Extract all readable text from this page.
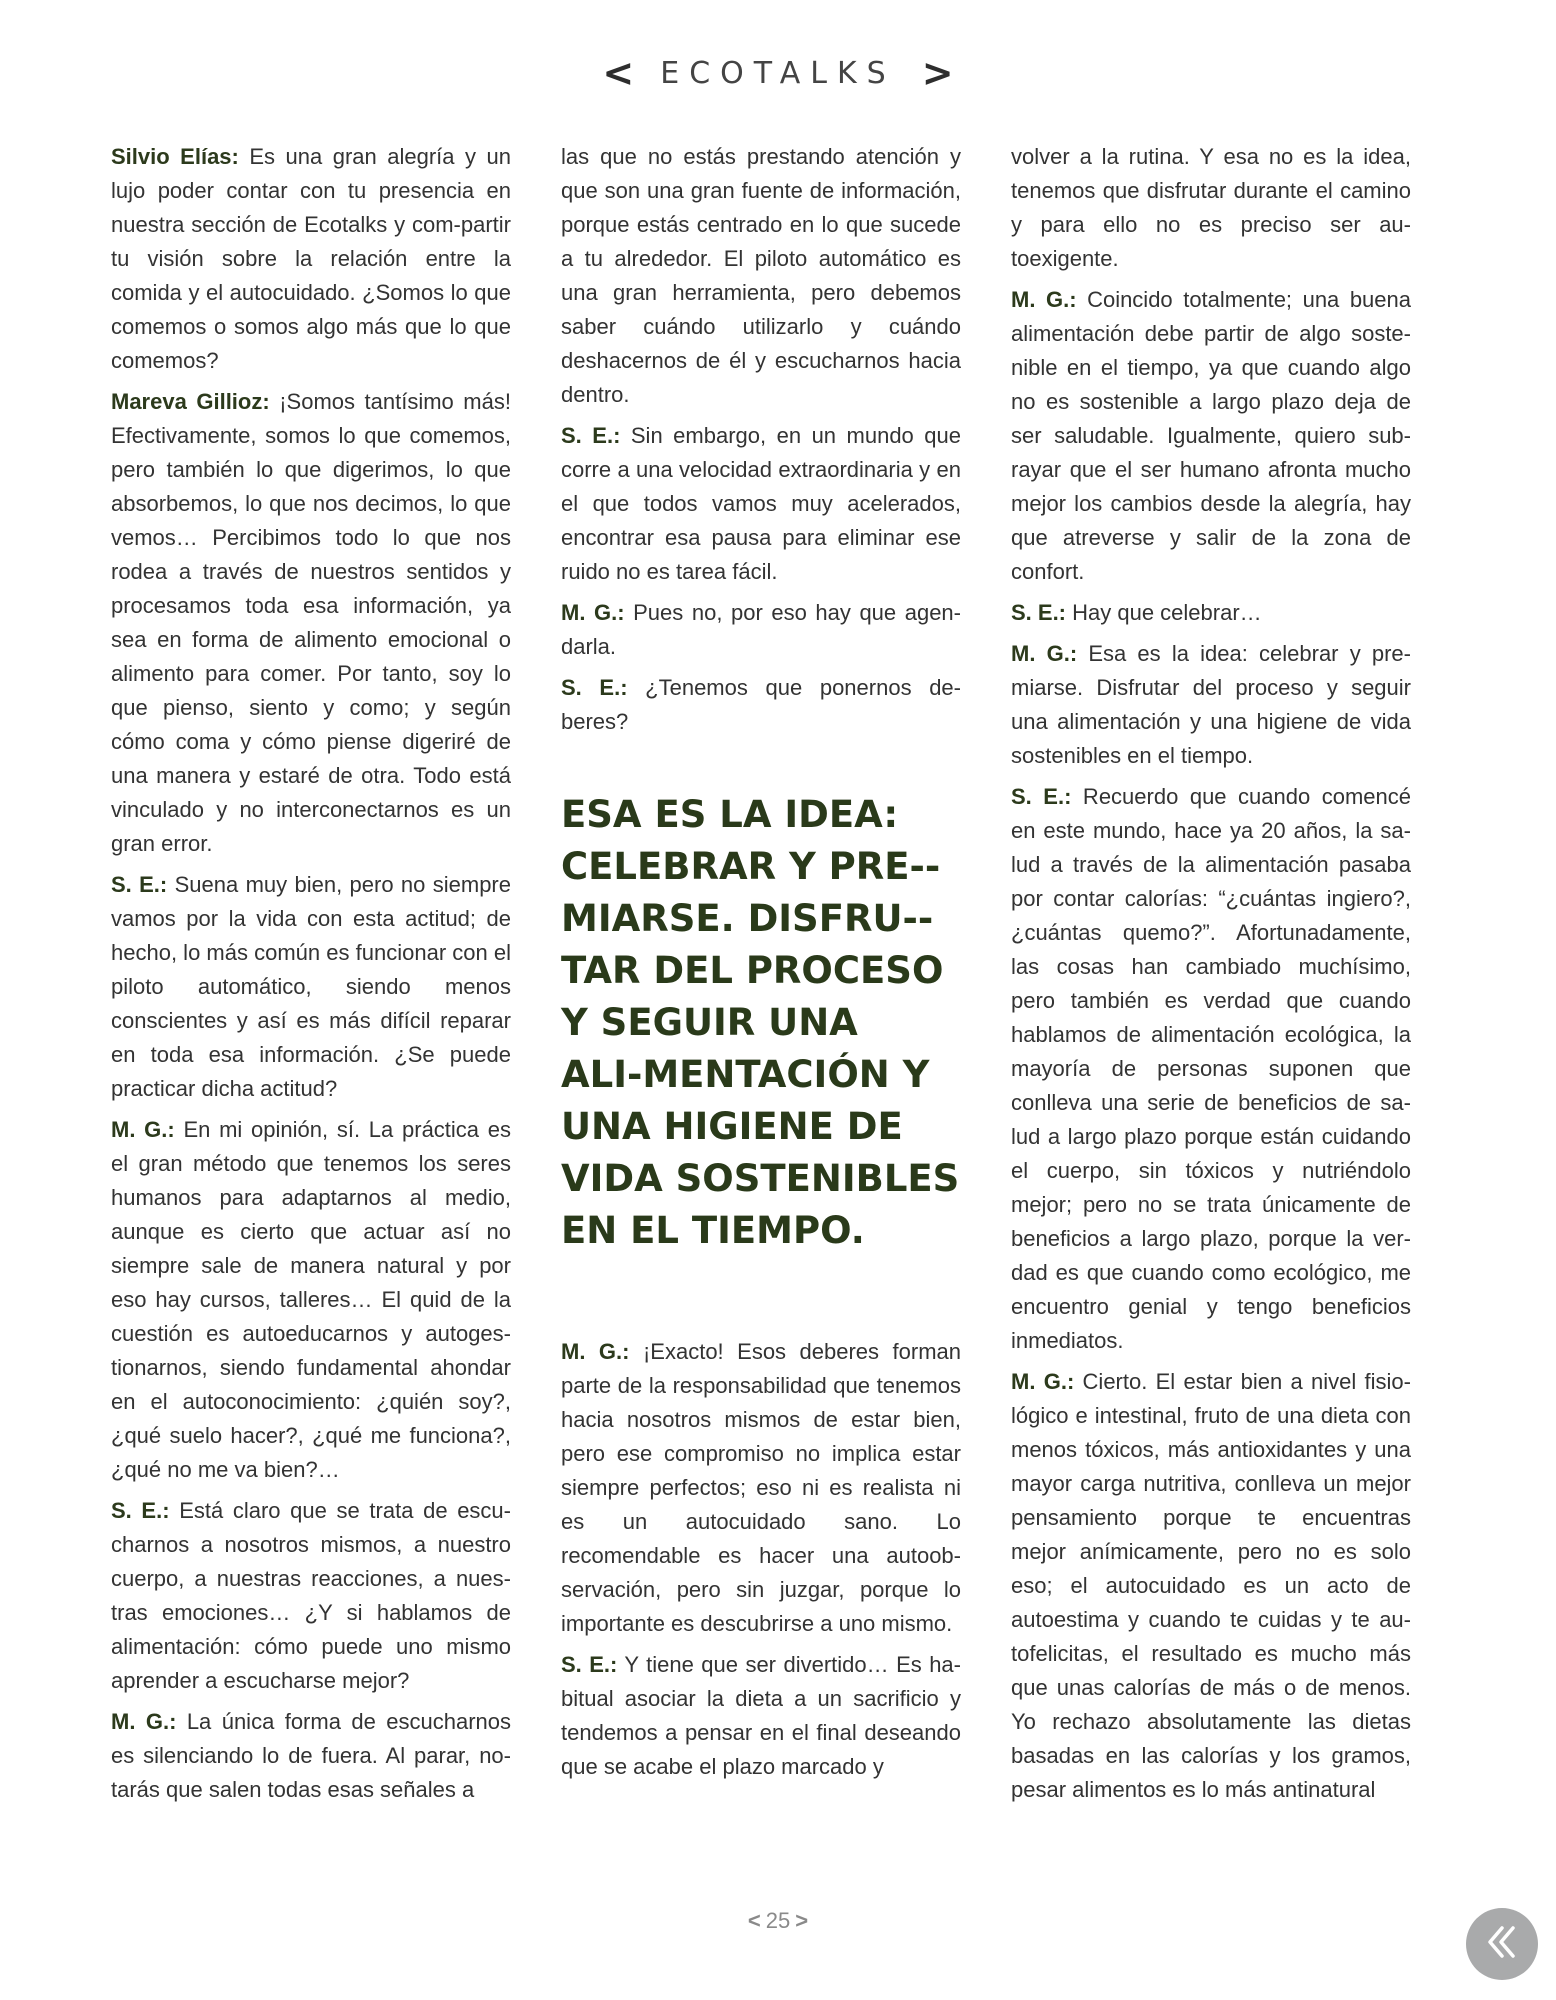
< ECOTALKS >

Silvio Elías: Es una gran alegría y un lujo poder contar con tu presencia en nuestra sección de Ecotalks y com-partir tu visión sobre la relación entre la comida y el autocuidado. ¿Somos lo que comemos o somos algo más que lo que comemos?

Mareva Gillioz: ¡Somos tantísimo más! Efectivamente, somos lo que comemos, pero también lo que digerimos, lo que absorbemos, lo que nos decimos, lo que vemos… Percibimos todo lo que nos rodea a través de nuestros sentidos y procesamos toda esa información, ya sea en forma de alimento emocional o alimento para comer. Por tanto, soy lo que pienso, siento y como; y según cómo coma y cómo piense digeriré de una manera y estaré de otra. Todo está vinculado y no interconectarnos es un gran error.

S. E.: Suena muy bien, pero no siempre vamos por la vida con esta actitud; de hecho, lo más común es funcionar con el piloto automático, siendo menos conscientes y así es más difícil reparar en toda esa información. ¿Se puede practicar dicha actitud?

M. G.: En mi opinión, sí. La práctica es el gran método que tenemos los seres humanos para adaptarnos al medio, aunque es cierto que actuar así no siempre sale de manera natural y por eso hay cursos, talleres… El quid de la cuestión es autoeducarnos y autogestionarnos, siendo fundamental ahondar en el autoconocimiento: ¿quién soy?, ¿qué suelo hacer?, ¿qué me funciona?, ¿qué no me va bien?…

S. E.: Está claro que se trata de escucharnos a nosotros mismos, a nuestro cuerpo, a nuestras reacciones, a nuestras emociones… ¿Y si hablamos de alimentación: cómo puede uno mismo aprender a escucharse mejor?

M. G.: La única forma de escucharnos es silenciando lo de fuera. Al parar, notarás que salen todas esas señales a

las que no estás prestando atención y que son una gran fuente de información, porque estás centrado en lo que sucede a tu alrededor. El piloto automático es una gran herramienta, pero debemos saber cuándo utilizarlo y cuándo deshacernos de él y escucharnos hacia dentro.

S. E.: Sin embargo, en un mundo que corre a una velocidad extraordinaria y en el que todos vamos muy acelerados, encontrar esa pausa para eliminar ese ruido no es tarea fácil.

M. G.: Pues no, por eso hay que agendarla.

S. E.: ¿Tenemos que ponernos deberes?

ESA ES LA IDEA: CELEBRAR Y PRE-MIARSE. DISFRU-TAR DEL PROCESO Y SEGUIR UNA ALI-MENTACIÓN Y UNA HIGIENE DE VIDA SOSTENIBLES EN EL TIEMPO.

M. G.: ¡Exacto! Esos deberes forman parte de la responsabilidad que tenemos hacia nosotros mismos de estar bien, pero ese compromiso no implica estar siempre perfectos; eso ni es realista ni es un autocuidado sano. Lo recomendable es hacer una autoobservación, pero sin juzgar, porque lo importante es descubrirse a uno mismo.

S. E.: Y tiene que ser divertido… Es habitual asociar la dieta a un sacrificio y tendemos a pensar en el final deseando que se acabe el plazo marcado y

volver a la rutina. Y esa no es la idea, tenemos que disfrutar durante el camino y para ello no es preciso ser autoexigente.

M. G.: Coincido totalmente; una buena alimentación debe partir de algo sostenible en el tiempo, ya que cuando algo no es sostenible a largo plazo deja de ser saludable. Igualmente, quiero subrayar que el ser humano afronta mucho mejor los cambios desde la alegría, hay que atreverse y salir de la zona de confort.

S. E.: Hay que celebrar…

M. G.: Esa es la idea: celebrar y premiarse. Disfrutar del proceso y seguir una alimentación y una higiene de vida sostenibles en el tiempo.

S. E.: Recuerdo que cuando comencé en este mundo, hace ya 20 años, la salud a través de la alimentación pasaba por contar calorías: “¿cuántas ingiero?, ¿cuántas quemo?”. Afortunadamente, las cosas han cambiado muchísimo, pero también es verdad que cuando hablamos de alimentación ecológica, la mayoría de personas suponen que conlleva una serie de beneficios de salud a largo plazo porque están cuidando el cuerpo, sin tóxicos y nutriéndolo mejor; pero no se trata únicamente de beneficios a largo plazo, porque la verdad es que cuando como ecológico, me encuentro genial y tengo beneficios inmediatos.

M. G.: Cierto. El estar bien a nivel fisiológico e intestinal, fruto de una dieta con menos tóxicos, más antioxidantes y una mayor carga nutritiva, conlleva un mejor pensamiento porque te encuentras mejor anímicamente, pero no es solo eso; el autocuidado es un acto de autoestima y cuando te cuidas y te autofelicitas, el resultado es mucho más que unas calorías de más o de menos. Yo rechazo absolutamente las dietas basadas en las calorías y los gramos, pesar alimentos es lo más antinatural

< 25 >
